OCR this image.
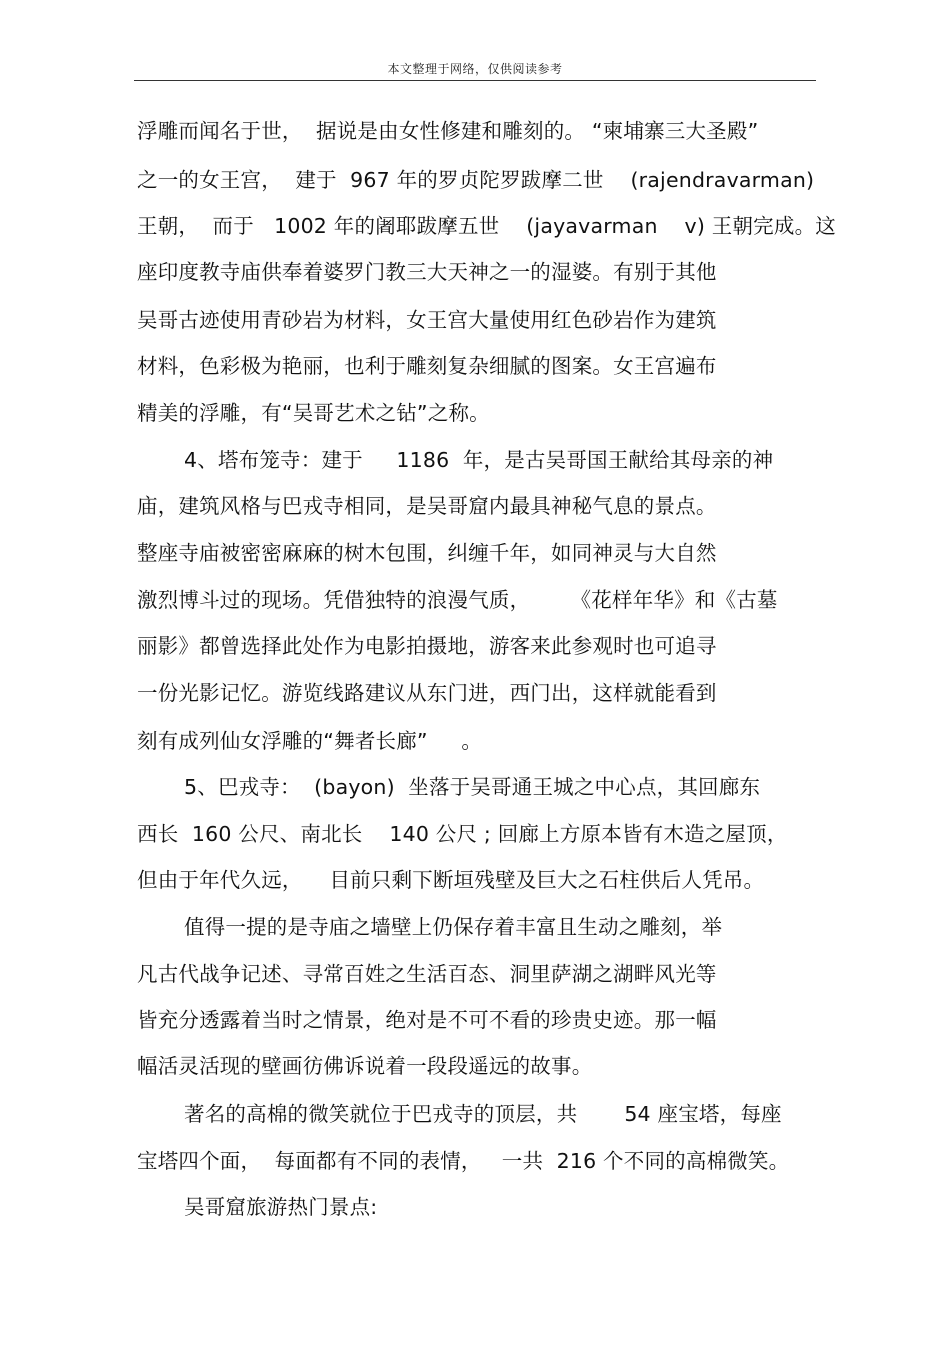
本文整理于网络，仅供阅读参考
浮雕而闻名于世，  据说是由女性修建和雕刻的。 “柬埔寨三大圣殿”
之一的女王宫，  建于  967 年的罗贞陀罗跋摩二世    (rajendravarman)
王朝，  而于   1002 年的阇耶跋摩五世    (jayavarman    v) 王朝完成。这
座印度教寺庙供奉着婆罗门教三大天神之一的湿婆。有别于其他
吴哥古迹使用青砂岩为材料，女王宫大量使用红色砂岩作为建筑
材料，色彩极为艳丽，也利于雕刻复杂细腻的图案。女王宫遍布
精美的浮雕，有“吴哥艺术之钻”之称。
4、塔布笼寺：建于     1186  年，是古吴哥国王献给其母亲的神
庙，建筑风格与巴戎寺相同，是吴哥窟内最具神秘气息的景点。
整座寺庙被密密麻麻的树木包围，纠缠千年，如同神灵与大自然
激烈博斗过的现场。凭借独特的浪漫气质，      《花样年华》和《古墓
丽影》都曾选择此处作为电影拍摄地，游客来此参观时也可追寻
一份光影记忆。游览线路建议从东门进，西门出，这样就能看到
刻有成列仙女浮雕的“舞者长廊”     。
5、巴戎寺：  (bayon)  坐落于吴哥通王城之中心点，其回廊东
西长  160 公尺、南北长    140 公尺 ; 回廊上方原本皆有木造之屋顶，
但由于年代久远，    目前只剩下断垣残壁及巨大之石柱供后人凭吊。
值得一提的是寺庙之墙壁上仍保存着丰富且生动之雕刻，举
凡古代战争记述、寻常百姓之生活百态、洞里萨湖之湖畔风光等
皆充分透露着当时之情景，绝对是不可不看的珍贵史迹。那一幅
幅活灵活现的壁画彷佛诉说着一段段遥远的故事。
著名的高棉的微笑就位于巴戎寺的顶层，共       54 座宝塔，每座
宝塔四个面，  每面都有不同的表情，   一共  216 个不同的高棉微笑。
吴哥窟旅游热门景点:
